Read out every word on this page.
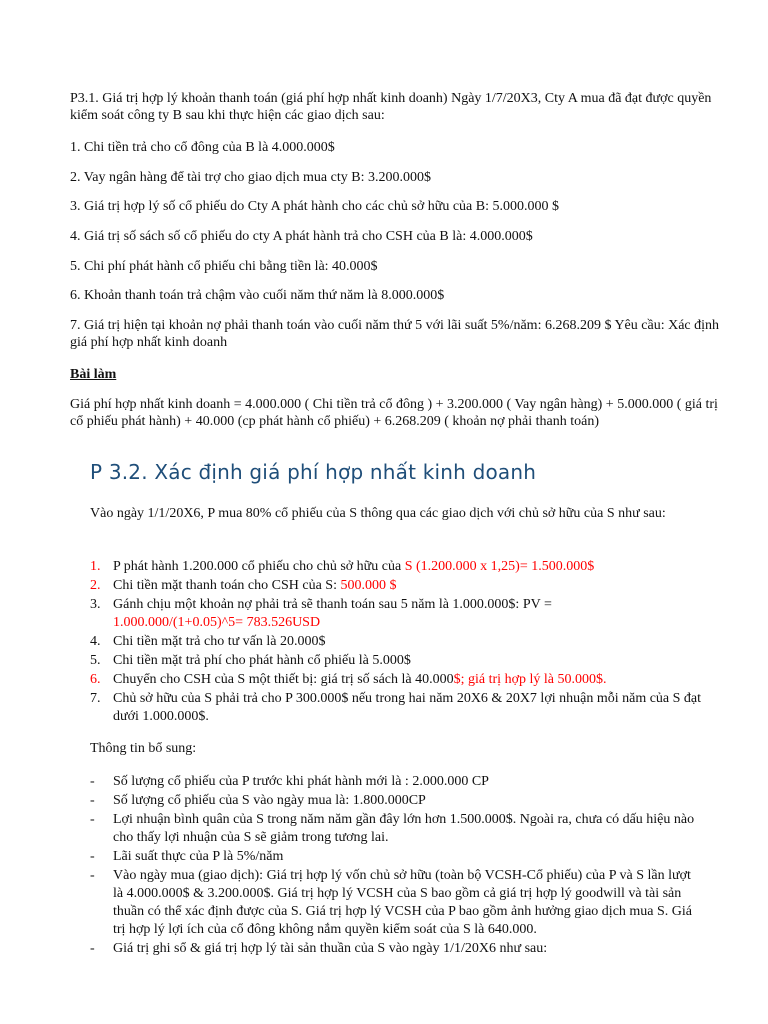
P3.1. Giá trị hợp lý khoản thanh toán (giá phí hợp nhất kinh doanh) Ngày 1/7/20X3, Cty A mua đã đạt được quyền kiểm soát công ty B sau khi thực hiện các giao dịch sau:

1. Chi tiền trả cho cổ đông của B là 4.000.000$

2. Vay ngân hàng để tài trợ cho giao dịch mua cty B: 3.200.000$

3. Giá trị hợp lý số cổ phiếu do Cty A phát hành cho các chủ sở hữu của B: 5.000.000 $

4. Giá trị số sách số cổ phiếu do cty A phát hành trả cho CSH của B là: 4.000.000$

5. Chi phí phát hành cổ phiếu chi bằng tiền là: 40.000$

6. Khoản thanh toán trả chậm vào cuối năm thứ năm là 8.000.000$

7. Giá trị hiện tại khoản nợ phải thanh toán vào cuối năm thứ 5 với lãi suất 5%/năm: 6.268.209 $ Yêu cầu: Xác định giá phí hợp nhất kinh doanh

Bài làm

Giá phí hợp nhất kinh doanh = 4.000.000 ( Chi tiền trả cổ đông ) + 3.200.000 ( Vay ngân hàng) + 5.000.000 ( giá trị cổ phiếu phát hành) + 40.000 (cp phát hành cổ phiếu) + 6.268.209 ( khoản nợ phải thanh toán)

P 3.2. Xác định giá phí hợp nhất kinh doanh

Vào ngày 1/1/20X6, P mua 80% cổ phiếu của S thông qua các giao dịch với chủ sở hữu của S như sau:

1. P phát hành 1.200.000 cổ phiếu cho chủ sở hữu của S (1.200.000 x 1,25)= 1.500.000$
2. Chi tiền mặt thanh toán cho CSH của S: 500.000 $
3. Gánh chịu một khoản nợ phải trả sẽ thanh toán sau 5 năm là 1.000.000$: PV =
1.000.000/(1+0.05)^5= 783.526USD
4. Chi tiền mặt trả cho tư vấn là 20.000$
5. Chi tiền mặt trả phí cho phát hành cổ phiếu là 5.000$
6. Chuyển cho CSH của S một thiết bị: giá trị số sách là 40.000$; giá trị hợp lý là 50.000$.
7. Chủ sở hữu của S phải trả cho P 300.000$ nếu trong hai năm 20X6 & 20X7 lợi nhuận mỗi năm của S đạt dưới 1.000.000$.

Thông tin bổ sung:

- Số lượng cổ phiếu của P trước khi phát hành mới là : 2.000.000 CP
- Số lượng cổ phiếu của S vào ngày mua là: 1.800.000CP
- Lợi nhuận bình quân của S trong năm năm gần đây lớn hơn 1.500.000$. Ngoài ra, chưa có dấu hiệu nào cho thấy lợi nhuận của S sẽ giảm trong tương lai.
- Lãi suất thực của P là 5%/năm
- Vào ngày mua (giao dịch): Giá trị hợp lý vốn chủ sở hữu (toàn bộ VCSH-Cổ phiếu) của P và S lần lượt là 4.000.000$ & 3.200.000$. Giá trị hợp lý VCSH của S bao gồm cả giá trị hợp lý goodwill và tài sản thuần có thể xác định được của S. Giá trị hợp lý VCSH của P bao gồm ảnh hưởng giao dịch mua S. Giá trị hợp lý lợi ích của cổ đông không nắm quyền kiểm soát của S là 640.000.
- Giá trị ghi sổ & giá trị hợp lý tài sản thuần của S vào ngày 1/1/20X6 như sau:
